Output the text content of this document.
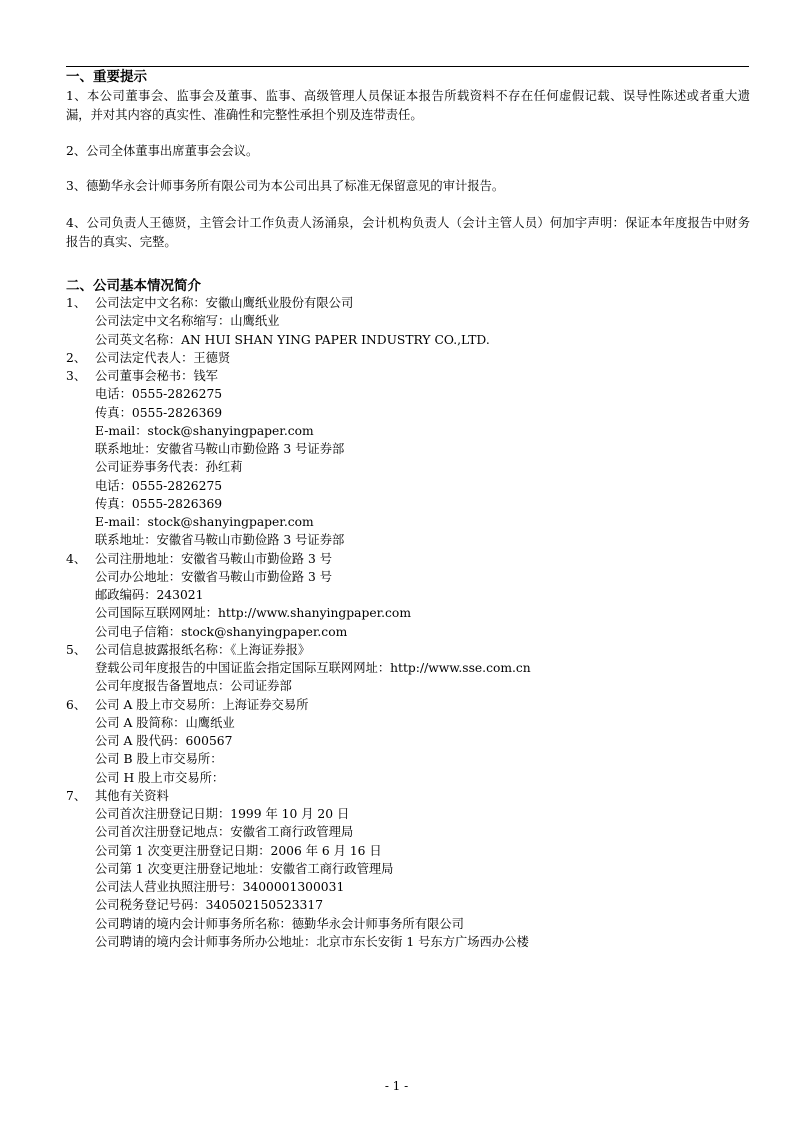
一、重要提示
1、本公司董事会、监事会及董事、监事、高级管理人员保证本报告所载资料不存在任何虚假记载、误导性陈述或者重大遗漏，并对其内容的真实性、准确性和完整性承担个别及连带责任。
2、公司全体董事出席董事会会议。
3、德勤华永会计师事务所有限公司为本公司出具了标准无保留意见的审计报告。
4、公司负责人王德贤，主管会计工作负责人汤涌泉，会计机构负责人（会计主管人员）何加宇声明：保证本年度报告中财务报告的真实、完整。
二、公司基本情况简介
1、 公司法定中文名称：安徽山鹰纸业股份有限公司
公司法定中文名称缩写：山鹰纸业
公司英文名称：AN HUI SHAN YING PAPER INDUSTRY CO.,LTD.
2、 公司法定代表人：王德贤
3、 公司董事会秘书：钱军
电话：0555-2826275
传真：0555-2826369
E-mail：stock@shanyingpaper.com
联系地址：安徽省马鞍山市勤俭路 3 号证券部
公司证券事务代表：孙红莉
电话：0555-2826275
传真：0555-2826369
E-mail：stock@shanyingpaper.com
联系地址：安徽省马鞍山市勤俭路 3 号证券部
4、 公司注册地址：安徽省马鞍山市勤俭路 3 号
公司办公地址：安徽省马鞍山市勤俭路 3 号
邮政编码：243021
公司国际互联网网址：http://www.shanyingpaper.com
公司电子信箱：stock@shanyingpaper.com
5、 公司信息披露报纸名称：《上海证券报》
登载公司年度报告的中国证监会指定国际互联网网址：http://www.sse.com.cn
公司年度报告备置地点：公司证券部
6、 公司 A 股上市交易所：上海证券交易所
公司 A 股简称：山鹰纸业
公司 A 股代码：600567
公司 B 股上市交易所：
公司 H 股上市交易所：
7、 其他有关资料
公司首次注册登记日期：1999 年 10 月 20 日
公司首次注册登记地点：安徽省工商行政管理局
公司第 1 次变更注册登记日期：2006 年 6 月 16 日
公司第 1 次变更注册登记地址：安徽省工商行政管理局
公司法人营业执照注册号：3400001300031
公司税务登记号码：340502150523317
公司聘请的境内会计师事务所名称：德勤华永会计师事务所有限公司
公司聘请的境内会计师事务所办公地址：北京市东长安街 1 号东方广场西办公楼
- 1 -
